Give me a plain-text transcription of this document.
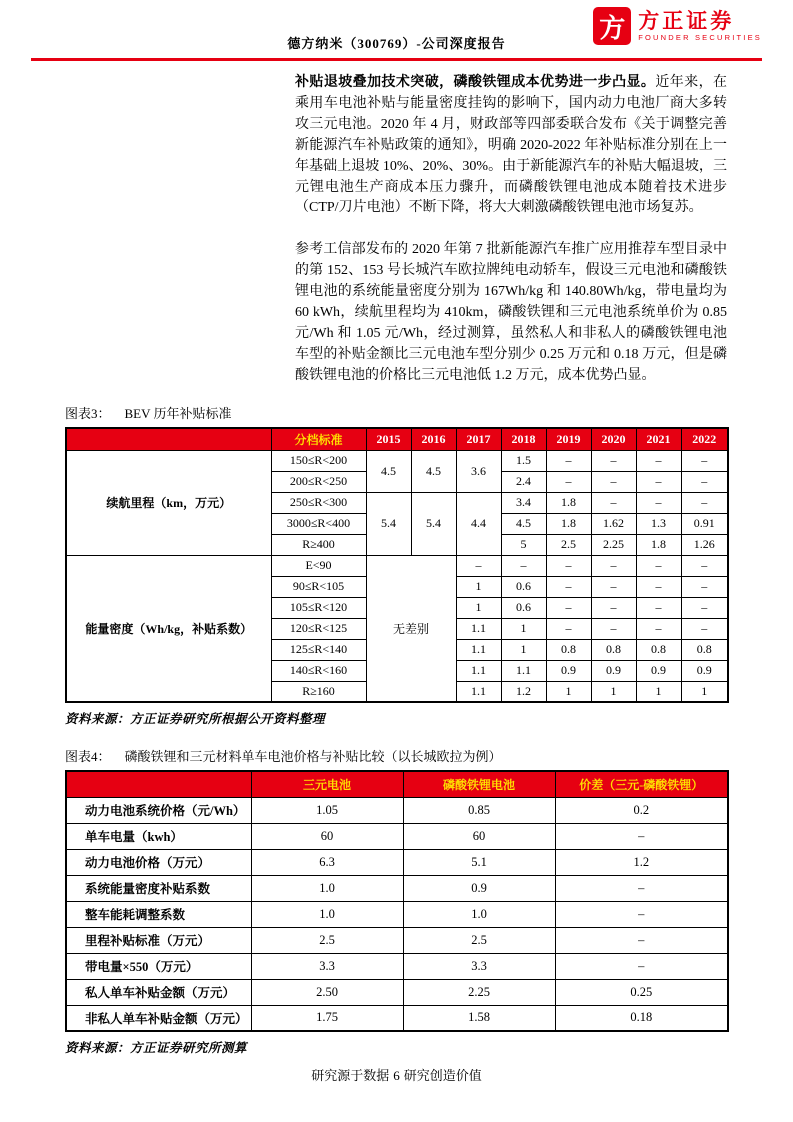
德方纳米（300769）-公司深度报告
方 方正证券
FOUNDER SECURITIES

补贴退坡叠加技术突破，磷酸铁锂成本优势进一步凸显。近年来，在乘用车电池补贴与能量密度挂钩的影响下，国内动力电池厂商大多转攻三元电池。2020 年 4 月，财政部等四部委联合发布《关于调整完善新能源汽车补贴政策的通知》，明确 2020-2022 年补贴标准分别在上一年基础上退坡 10%、20%、30%。由于新能源汽车的补贴大幅退坡，三元锂电池生产商成本压力骤升，而磷酸铁锂电池成本随着技术进步（CTP/刀片电池）不断下降，将大大刺激磷酸铁锂电池市场复苏。

参考工信部发布的 2020 年第 7 批新能源汽车推广应用推荐车型目录中的第 152、153 号长城汽车欧拉牌纯电动轿车，假设三元电池和磷酸铁锂电池的系统能量密度分别为 167Wh/kg 和 140.80Wh/kg，带电量均为 60 kWh，续航里程均为 410km，磷酸铁锂和三元电池系统单价为 0.85 元/Wh 和 1.05 元/Wh，经过测算，虽然私人和非私人的磷酸铁锂电池车型的补贴金额比三元电池车型分别少 0.25 万元和 0.18 万元，但是磷酸铁锂电池的价格比三元电池低 1.2 万元，成本优势凸显。

图表3： BEV 历年补贴标准
	分档标准	2015	2016	2017	2018	2019	2020	2021	2022
续航里程（km，万元）	150≤R<200	4.5	4.5	3.6	1.5	–	–	–	–
	200≤R<250				2.4	–	–	–	–
	250≤R<300	5.4	5.4	4.4	3.4	1.8	–	–	–
	3000≤R<400				4.5	1.8	1.62	1.3	0.91
	R≥400				5	2.5	2.25	1.8	1.26
能量密度（Wh/kg，补贴系数）	E<90	无差别		–	–	–	–	–	–
	90≤R<105			1	0.6	–	–	–	–
	105≤R<120			1	0.6	–	–	–	–
	120≤R<125			1.1	1	–	–	–	–
	125≤R<140			1.1	1	0.8	0.8	0.8	0.8
	140≤R<160			1.1	1.1	0.9	0.9	0.9	0.9
	R≥160			1.1	1.2	1	1	1	1
资料来源：方正证券研究所根据公开资料整理
图表4： 磷酸铁锂和三元材料单车电池价格与补贴比较（以长城欧拉为例）
	三元电池	磷酸铁锂电池	价差（三元-磷酸铁锂）
动力电池系统价格（元/Wh）	1.05	0.85	0.2
单车电量（kwh）	60	60	–
动力电池价格（万元）	6.3	5.1	1.2
系统能量密度补贴系数	1.0	0.9	–
整车能耗调整系数	1.0	1.0	–
里程补贴标准（万元）	2.5	2.5	–
带电量×550（万元）	3.3	3.3	–
私人单车补贴金额（万元）	2.50	2.25	0.25
非私人单车补贴金额（万元）	1.75	1.58	0.18
资料来源：方正证券研究所测算
研究源于数据 6 研究创造价值
